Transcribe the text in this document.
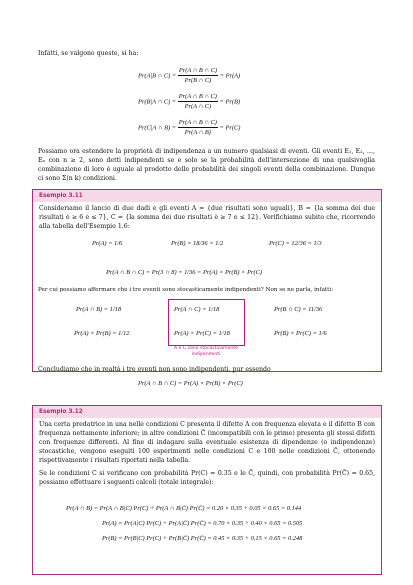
Infatti, se valgono queste, si ha:
Pr(A|B ∩ $C) = \frac{Pr(A \cap B \cap C)}{Pr(B \cap C)} = Pr(A)$
Pr(B|A ∩ $C) = \frac{Pr(A \cap B \cap C)}{Pr(A \cap C)} = Pr(B)$
Pr(C|A ∩ $B) = \frac{Pr(A \cap B \cap C)}{Pr(A \cap B)} = Pr(C)$
Possiamo ora estendere la proprietà di indipendenza a un numero qualsiasi di eventi. Gli eventi E₁, E₂, …, Eₙ con n ≥ 2, sono detti indipendenti se e solo se la probabilità dell'intersezione di una qualsivoglia combinazione di loro è uguale al prodotto delle probabilità dei singoli eventi della combinazione. Dunque ci sono Σ(n k) condizioni.
Esempio 3.11
Consideriamo il lancio di due dadi e gli eventi A = {due risultati sono uguali}, B = {la somma dei due risultati è ≥ 6 e ≤ 7}, C = {la somma dei due risultati è ≥ 7 e ≤ 12}. Verifichiamo subito che, ricorrendo alla tabella dell'Esempio 1.6:
Pr(A) = 1/6	Pr(B) = 18/36 = 1/2	Pr(C) = 12/36 = 1/3
Pr(A ∩ B ∩ C) = Pr(3 ∩ 8) = 1/36 = Pr(A) × Pr(B) × Pr(C)
Per cui possiamo affermare che i tre eventi sono stocasticamente indipendenti? Non se ne parla, infatti:
Pr(A ∩ B) = 1/18	Pr(A ∩ C) = 1/18	Pr(B ∩ C) = 11/36
Pr(A) × Pr(B) = 1/12	Pr(A) × Pr(C) = 1/18	Pr(B) × Pr(C) = 1/6
A e C sono stocasticamente indipendenti
Concludiamo che in realtà i tre eventi non sono indipendenti, pur essendo
Pr(A ∩ B ∩ C) = Pr(A) × Pr(B) × Pr(C)
Esempio 3.12
Una certa predatrice in una nelle condizioni C presenta il difetto A con frequenza elevata e il difetto B con frequenza nettamente inferiore; in altre condizioni C̄ (incompatibili con le prime) presenta gli stessi difetti con frequenze differenti. Al fine di indagare sulla eventuale esistenza di dipendenze (o indipendenze) stocastiche, vengono eseguiti 100 esperimenti nelle condizioni C e 100 nelle condizioni C̄, ottenendo rispettivamente i risultati riportati nella tabella.
Se le condizioni C si verificano con probabilità Pr(C) = 0.35 e le C̄, quindi, con probabilità Pr(C̄) = 0.65, possiamo effettuare i seguenti calcoli (totale integrale):
Pr(A ∩ B) = Pr(A ∩ B|C) Pr(C) + Pr(A ∩ B|C̄) Pr(C̄) = 0.20 × 0.35 + 0.05 × 0.65 = 0.144
Pr(A) = Pr(A|C) Pr(C) + Pr(A|C̄) Pr(C̄) = 0.70 × 0.35 + 0.40 × 0.65 = 0.505
Pr(B) = Pr(B|C) Pr(C) + Pr(B|C̄) Pr(C̄) = 0.45 × 0.35 + 0.15 × 0.65 = 0.248
